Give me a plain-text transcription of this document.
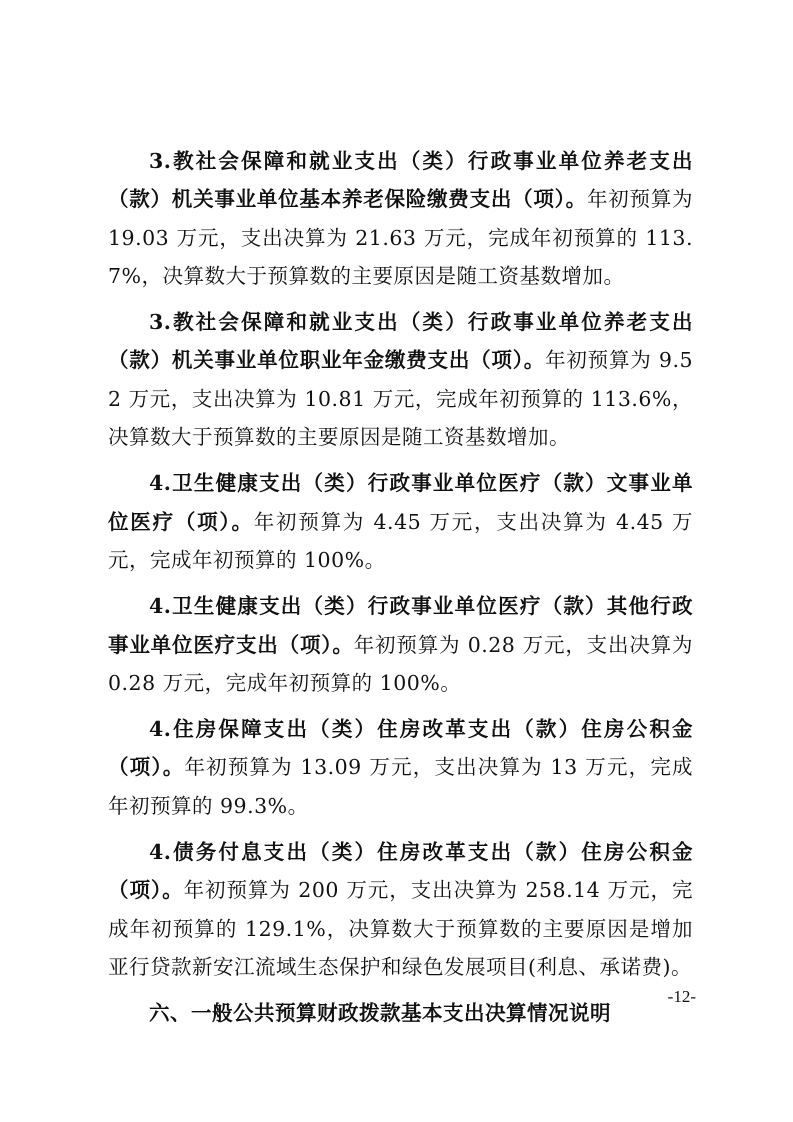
3.教社会保障和就业支出（类）行政事业单位养老支出（款）机关事业单位基本养老保险缴费支出（项）。年初预算为 19.03 万元，支出决算为 21.63 万元，完成年初预算的 113.7%，决算数大于预算数的主要原因是随工资基数增加。

3.教社会保障和就业支出（类）行政事业单位养老支出（款）机关事业单位职业年金缴费支出（项）。年初预算为 9.52 万元，支出决算为 10.81 万元，完成年初预算的 113.6%，决算数大于预算数的主要原因是随工资基数增加。

4.卫生健康支出（类）行政事业单位医疗（款）文事业单位医疗（项）。年初预算为 4.45 万元，支出决算为 4.45 万元，完成年初预算的 100%。

4.卫生健康支出（类）行政事业单位医疗（款）其他行政事业单位医疗支出（项）。年初预算为 0.28 万元，支出决算为 0.28 万元，完成年初预算的 100%。

4.住房保障支出（类）住房改革支出（款）住房公积金（项）。年初预算为 13.09 万元，支出决算为 13 万元，完成年初预算的 99.3%。

4.债务付息支出（类）住房改革支出（款）住房公积金（项）。年初预算为 200 万元，支出决算为 258.14 万元，完成年初预算的 129.1%，决算数大于预算数的主要原因是增加亚行贷款新安江流域生态保护和绿色发展项目(利息、承诺费)。

六、一般公共预算财政拨款基本支出决算情况说明

-12-
